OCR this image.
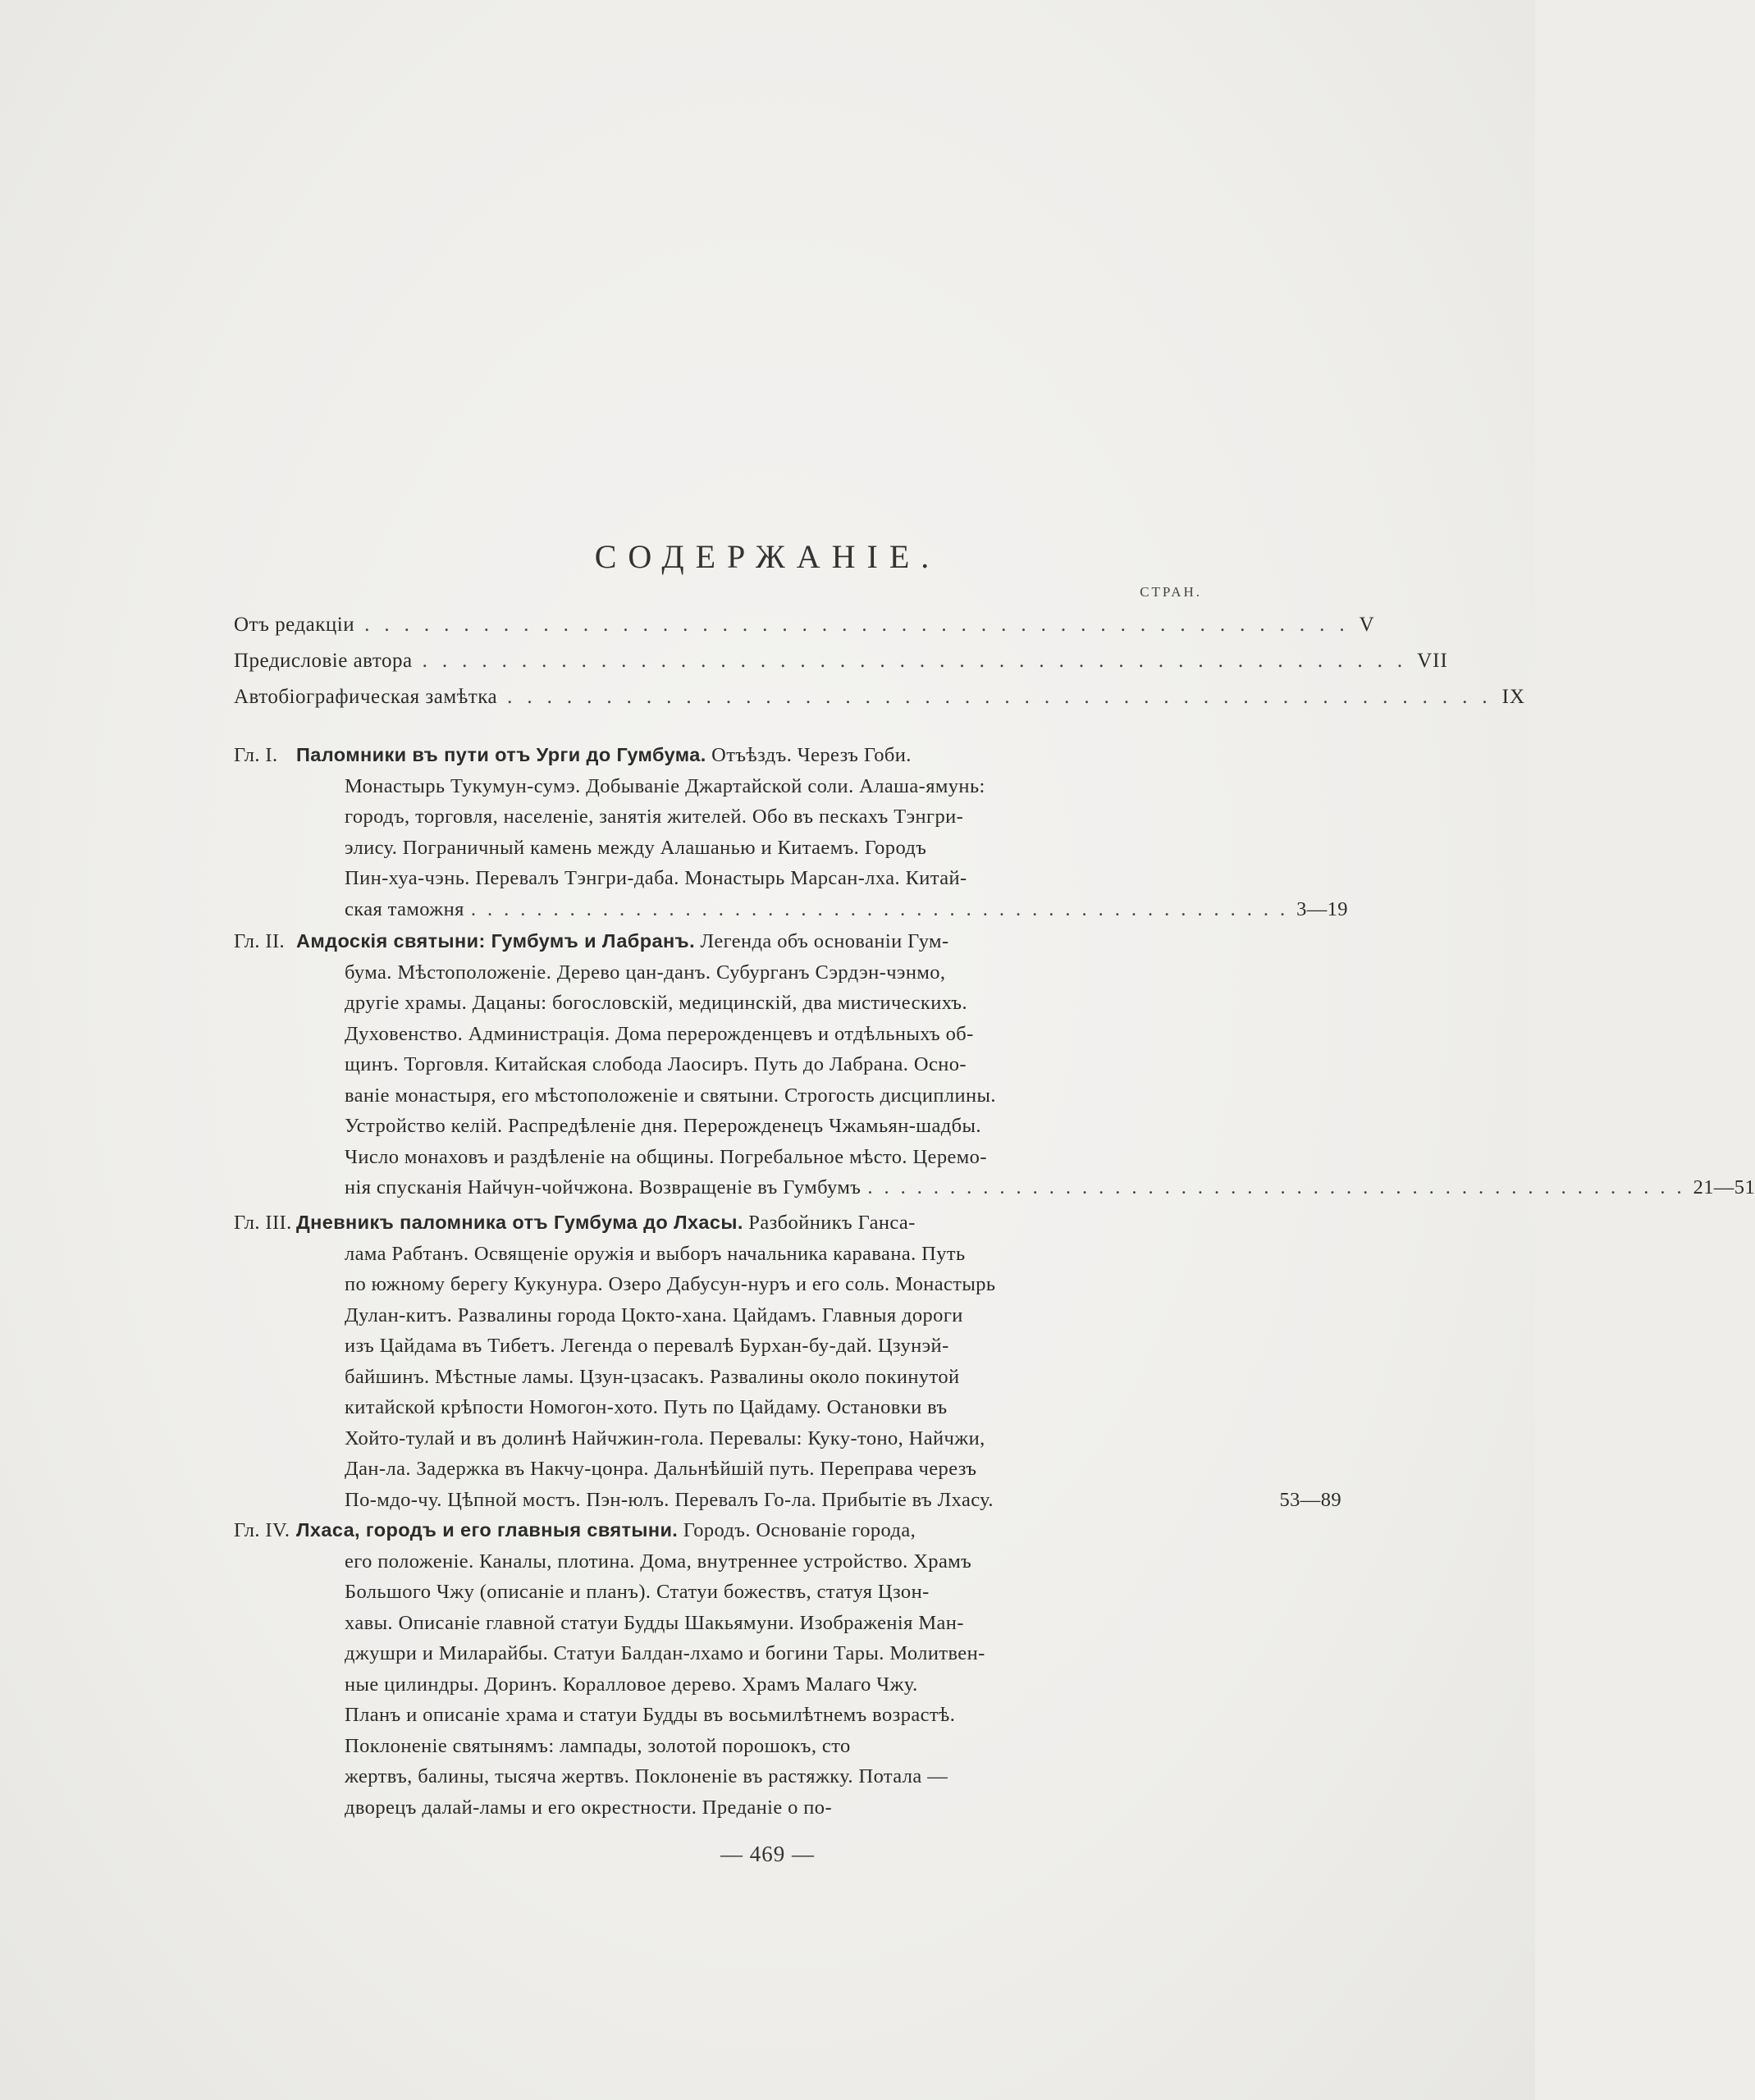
СОДЕРЖАНІЕ.
СТРАН.
Отъ редакціи .................................................. V
Предисловіе автора .................................................. VII
Автобіографическая замѣтка .................................................. IX
Гл. I. Паломники въ пути отъ Урги до Гумбума.
Отъѣздъ. Черезъ Гоби.
Монастырь Тукумун-сумэ. Добываніе Джартайской соли. Алаша-ямунь:
городъ, торговля, населеніе, занятія жителей. Обо въ пескахъ Тэнгри-
элису. Пограничный камень между Алашанью и Китаемъ. Городъ
Пин-хуа-чэнь. Перевалъ Тэнгри-даба. Монастырь Марсан-лха. Китай-
ская таможня .................................................. 3—19
Гл. II. Амдоскія святыни: Гумбумъ и Лабранъ.
Легенда объ основаніи Гум-
бума. Мѣстоположеніе. Дерево цан-данъ. Субурганъ Сэрдэн-чэнмо,
другіе храмы. Дацаны: богословскій, медицинскій, два мистическихъ.
Духовенство. Администрація. Дома перерожденцевъ и отдѣльныхъ об-
щинъ. Торговля. Китайская слобода Лаосиръ. Путь до Лабрана. Осно-
ваніе монастыря, его мѣстоположеніе и святыни. Строгость дисциплины.
Устройство келій. Распредѣленіе дня. Перерожденецъ Чжамьян-шадбы.
Число монаховъ и раздѣленіе на общины. Погребальное мѣсто. Церемо-
нія спусканія Найчун-чойчжона. Возвращеніе въ Гумбумъ .................................................. 21—51
Гл. III. Дневникъ паломника отъ Гумбума до Лхасы.
Разбойникъ Ганса-
лама Рабтанъ. Освященіе оружія и выборъ начальника каравана. Путь
по южному берегу Кукунура. Озеро Дабусун-нуръ и его соль. Монастырь
Дулан-китъ. Развалины города Цокто-хана. Цайдамъ. Главныя дороги
изъ Цайдама въ Тибетъ. Легенда о перевалѣ Бурхан-бу-дай. Цзунэй-
байшинъ. Мѣстные ламы. Цзун-цзасакъ. Развалины около покинутой
китайской крѣпости Номогон-хото. Путь по Цайдаму. Остановки въ
Хойто-тулай и въ долинѣ Найчжин-гола. Перевалы: Куку-тоно, Найчжи,
Дан-ла. Задержка въ Накчу-цонра. Дальнѣйшій путь. Переправа черезъ
По-мдо-чу. Цѣпной мостъ. Пэн-юлъ. Перевалъ Го-ла. Прибытіе въ Лхасу.	53—89
Гл. IV. Лхаса, городъ и его главныя святыни.
Городъ. Основаніе города,
его положеніе. Каналы, плотина. Дома, внутреннее устройство. Храмъ
Большого Чжу (описаніе и планъ). Статуи божествъ, статуя Цзон-
хавы. Описаніе главной статуи Будды Шакьямуни. Изображенія Ман-
джушри и Миларайбы. Статуи Балдан-лхамо и богини Тары. Молитвен-
ные цилиндры. Доринъ. Коралловое дерево. Храмъ Малаго Чжу.
Планъ и описаніе храма и статуи Будды въ восьмилѣтнемъ возрастѣ.
Поклоненіе святынямъ: лампады, золотой порошокъ, сто
жертвъ, балины, тысяча жертвъ. Поклоненіе въ растяжку. Потала —
дворецъ далай-ламы и его окрестности. Преданіе о по-
— 469 —
